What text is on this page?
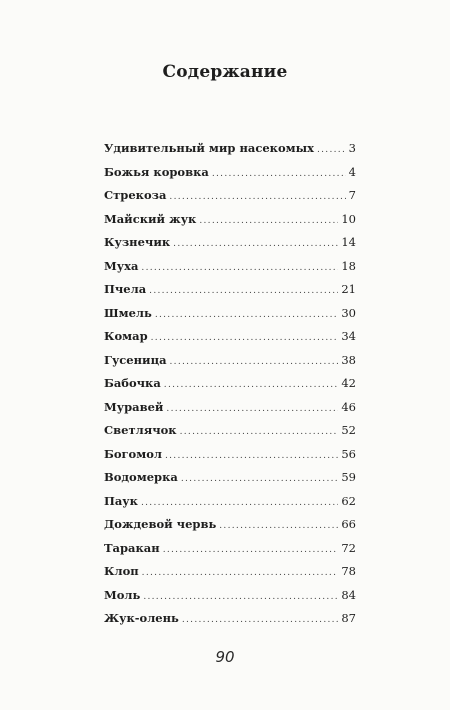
Содержание
Удивительный мир насекомых .....	3
Божья коровка .....	4
Стрекоза .....	7
Майский жук .....	10
Кузнечик .....	14
Муха .....	18
Пчела .....	21
Шмель .....	30
Комар .....	34
Гусеница .....	38
Бабочка .....	42
Муравей .....	46
Светлячок .....	52
Богомол .....	56
Водомерка .....	59
Паук .....	62
Дождевой червь .....	66
Таракан .....	72
Клоп .....	78
Моль .....	84
Жук-олень .....	87
90
